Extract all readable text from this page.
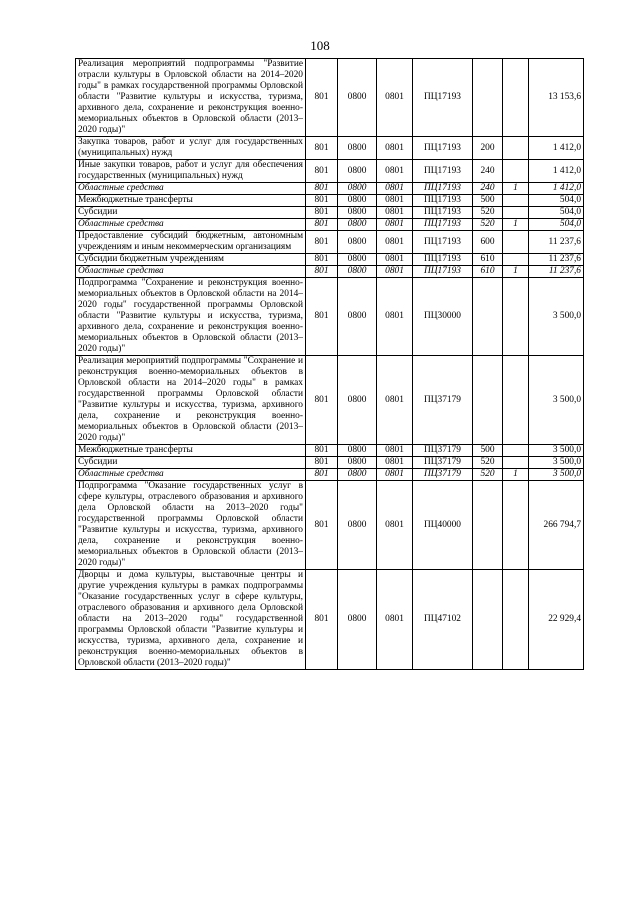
108
Реализация мероприятий подпрограммы "Развитие отрасли культуры в Орловской области на 2014–2020 годы" в рамках государственной программы Орловской области "Развитие культуры и искусства, туризма, архивного дела, сохранение и реконструкция военно-мемориальных объектов в Орловской области (2013–2020 годы)"	801	0800	0801	ПЦ17193			13 153,6
Закупка товаров, работ и услуг для государственных (муниципальных) нужд	801	0800	0801	ПЦ17193	200		1 412,0
Иные закупки товаров, работ и услуг для обеспечения государственных (муниципальных) нужд	801	0800	0801	ПЦ17193	240		1 412,0
Областные средства	801	0800	0801	ПЦ17193	240	1	1 412,0
Межбюджетные трансферты	801	0800	0801	ПЦ17193	500		504,0
Субсидии	801	0800	0801	ПЦ17193	520		504,0
Областные средства	801	0800	0801	ПЦ17193	520	1	504,0
Предоставление субсидий бюджетным, автономным учреждениям и иным некоммерческим организациям	801	0800	0801	ПЦ17193	600		11 237,6
Субсидии бюджетным учреждениям	801	0800	0801	ПЦ17193	610		11 237,6
Областные средства	801	0800	0801	ПЦ17193	610	1	11 237,6
Подпрограмма "Сохранение и реконструкция военно-мемориальных объектов в Орловской области на 2014–2020 годы" государственной программы Орловской области "Развитие культуры и искусства, туризма, архивного дела, сохранение и реконструкция военно-мемориальных объектов в Орловской области (2013–2020 годы)"	801	0800	0801	ПЦ30000			3 500,0
Реализация мероприятий подпрограммы "Сохранение и реконструкция военно-мемориальных объектов в Орловской области на 2014–2020 годы" в рамках государственной программы Орловской области "Развитие культуры и искусства, туризма, архивного дела, сохранение и реконструкция военно-мемориальных объектов в Орловской области (2013–2020 годы)"	801	0800	0801	ПЦ37179			3 500,0
Межбюджетные трансферты	801	0800	0801	ПЦ37179	500		3 500,0
Субсидии	801	0800	0801	ПЦ37179	520		3 500,0
Областные средства	801	0800	0801	ПЦ37179	520	1	3 500,0
Подпрограмма "Оказание государственных услуг в сфере культуры, отраслевого образования и архивного дела Орловской области на 2013–2020 годы" государственной программы Орловской области "Развитие культуры и искусства, туризма, архивного дела, сохранение и реконструкция военно-мемориальных объектов в Орловской области (2013–2020 годы)"	801	0800	0801	ПЦ40000			266 794,7
Дворцы и дома культуры, выставочные центры и другие учреждения культуры в рамках подпрограммы "Оказание государственных услуг в сфере культуры, отраслевого образования и архивного дела Орловской области на 2013–2020 годы" государственной программы Орловской области "Развитие культуры и искусства, туризма, архивного дела, сохранение и реконструкция военно-мемориальных объектов в Орловской области (2013–2020 годы)"	801	0800	0801	ПЦ47102			22 929,4
